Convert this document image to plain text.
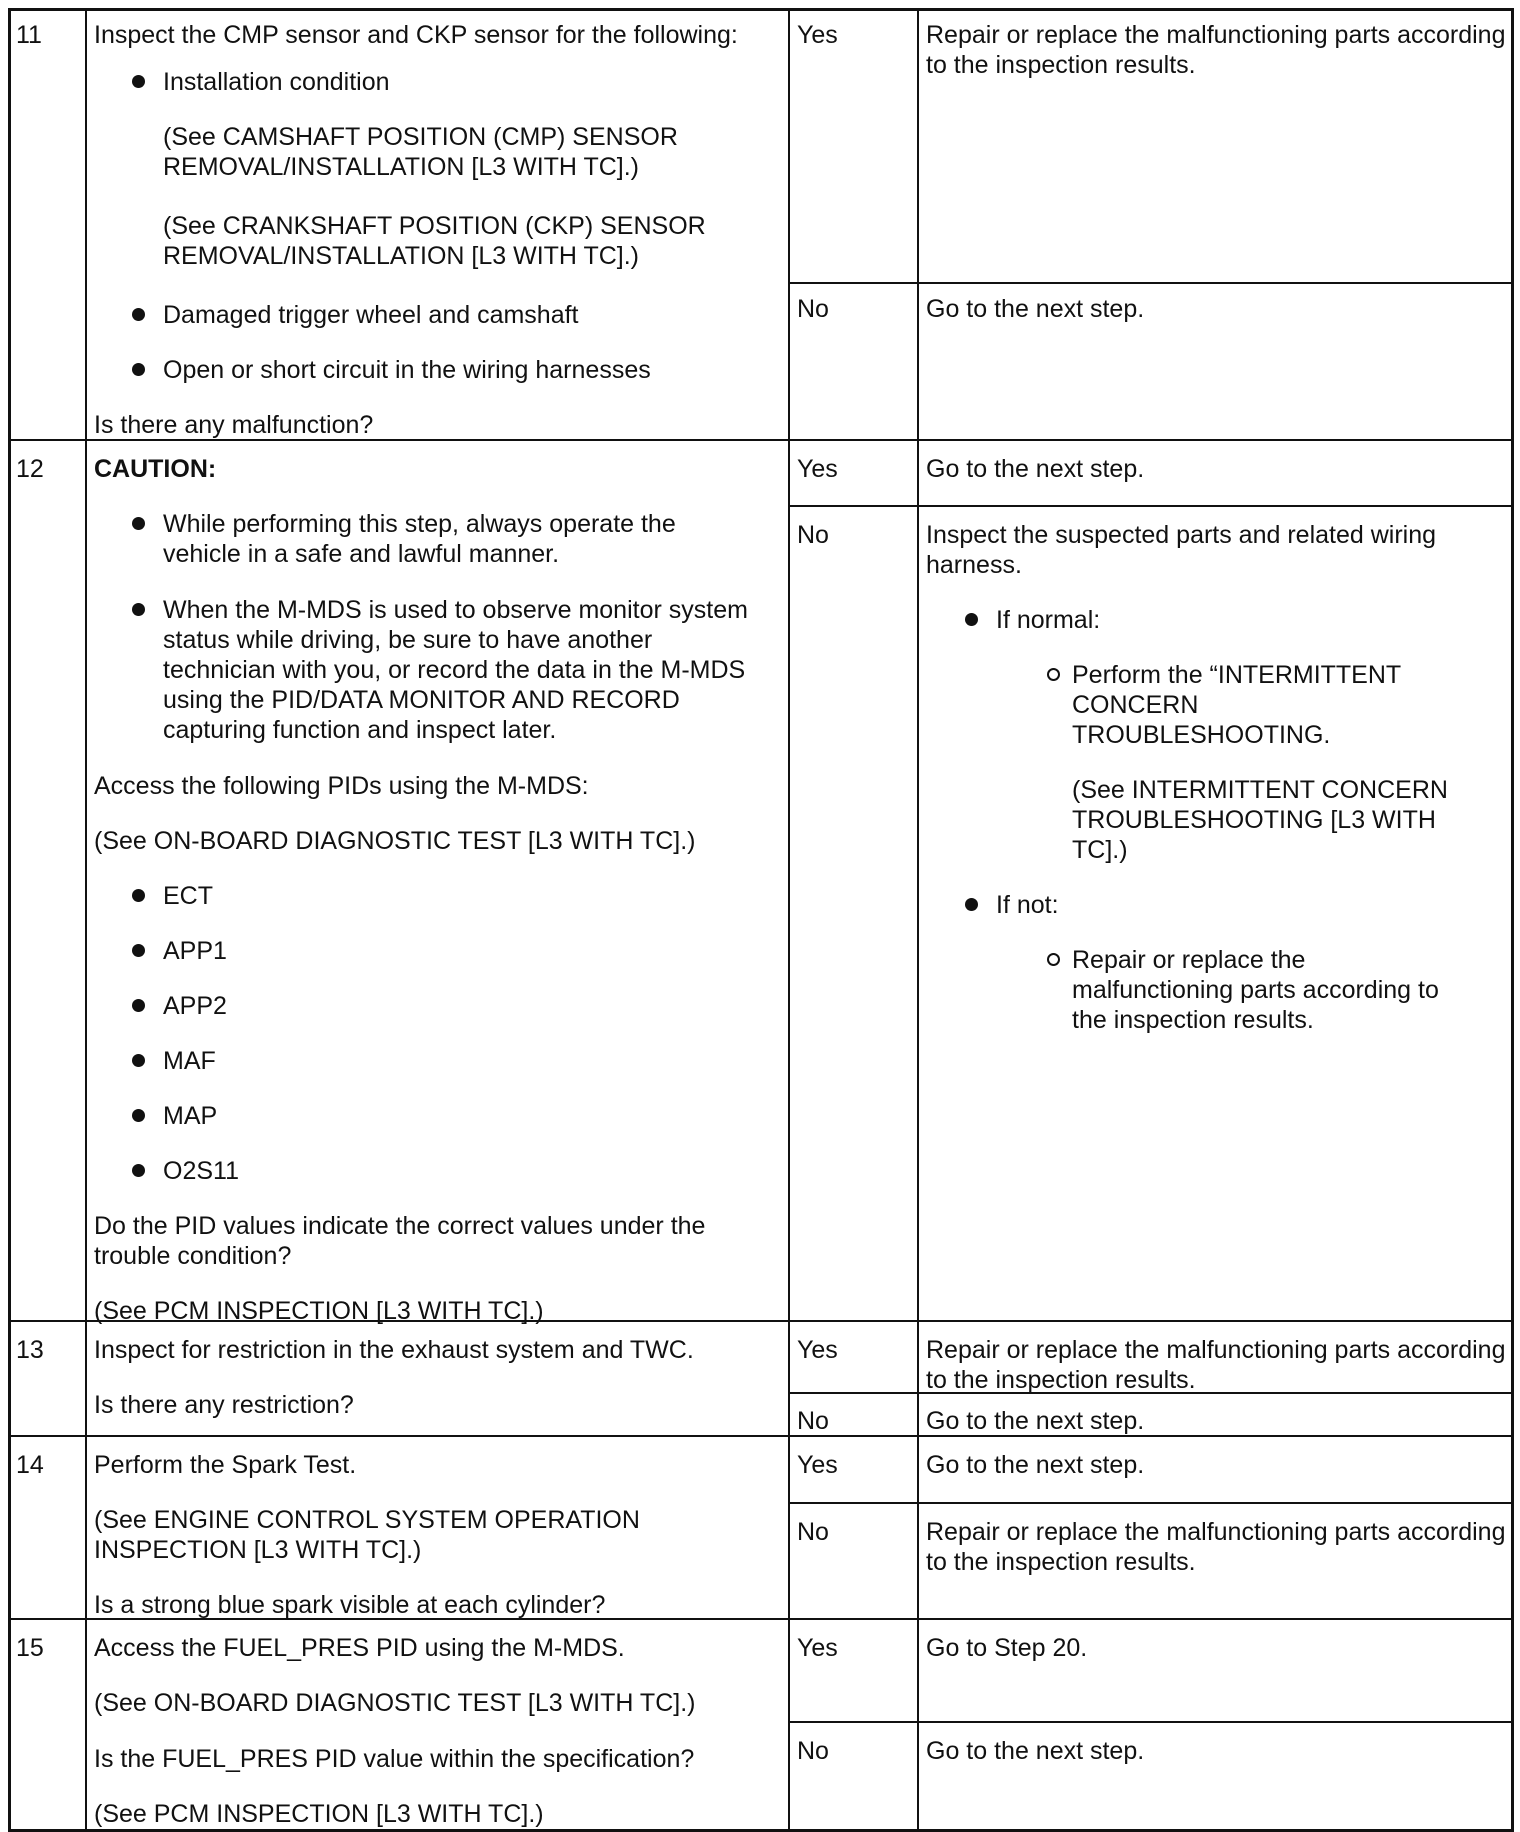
11 Inspect the CMP sensor and CKP sensor for the following:
Installation condition
(See CAMSHAFT POSITION (CMP) SENSOR
REMOVAL/INSTALLATION [L3 WITH TC].)
(See CRANKSHAFT POSITION (CKP) SENSOR
REMOVAL/INSTALLATION [L3 WITH TC].)
Damaged trigger wheel and camshaft
Open or short circuit in the wiring harnesses
Is there any malfunction?
Yes	Repair or replace the malfunctioning parts according
to the inspection results.
No	Go to the next step.
12 CAUTION:
While performing this step, always operate the
vehicle in a safe and lawful manner.
When the M-MDS is used to observe monitor system
status while driving, be sure to have another
technician with you, or record the data in the M-MDS
using the PID/DATA MONITOR AND RECORD
capturing function and inspect later.
Access the following PIDs using the M-MDS:
(See ON-BOARD DIAGNOSTIC TEST [L3 WITH TC].)
ECT
APP1
APP2
MAF
MAP
O2S11
Do the PID values indicate the correct values under the
trouble condition?
(See PCM INSPECTION [L3 WITH TC].)
Yes	Go to the next step.
No	Inspect the suspected parts and related wiring
harness.
If normal:
Perform the “INTERMITTENT
CONCERN
TROUBLESHOOTING.
(See INTERMITTENT CONCERN
TROUBLESHOOTING [L3 WITH
TC].)
If not:
Repair or replace the
malfunctioning parts according to
the inspection results.
13 Inspect for restriction in the exhaust system and TWC.
Is there any restriction?
Yes	Repair or replace the malfunctioning parts according
to the inspection results.
No	Go to the next step.
14 Perform the Spark Test.
(See ENGINE CONTROL SYSTEM OPERATION
INSPECTION [L3 WITH TC].)
Is a strong blue spark visible at each cylinder?
Yes	Go to the next step.
No	Repair or replace the malfunctioning parts according
to the inspection results.
15 Access the FUEL_PRES PID using the M-MDS.
(See ON-BOARD DIAGNOSTIC TEST [L3 WITH TC].)
Is the FUEL_PRES PID value within the specification?
(See PCM INSPECTION [L3 WITH TC].)
Yes	Go to Step 20.
No	Go to the next step.
